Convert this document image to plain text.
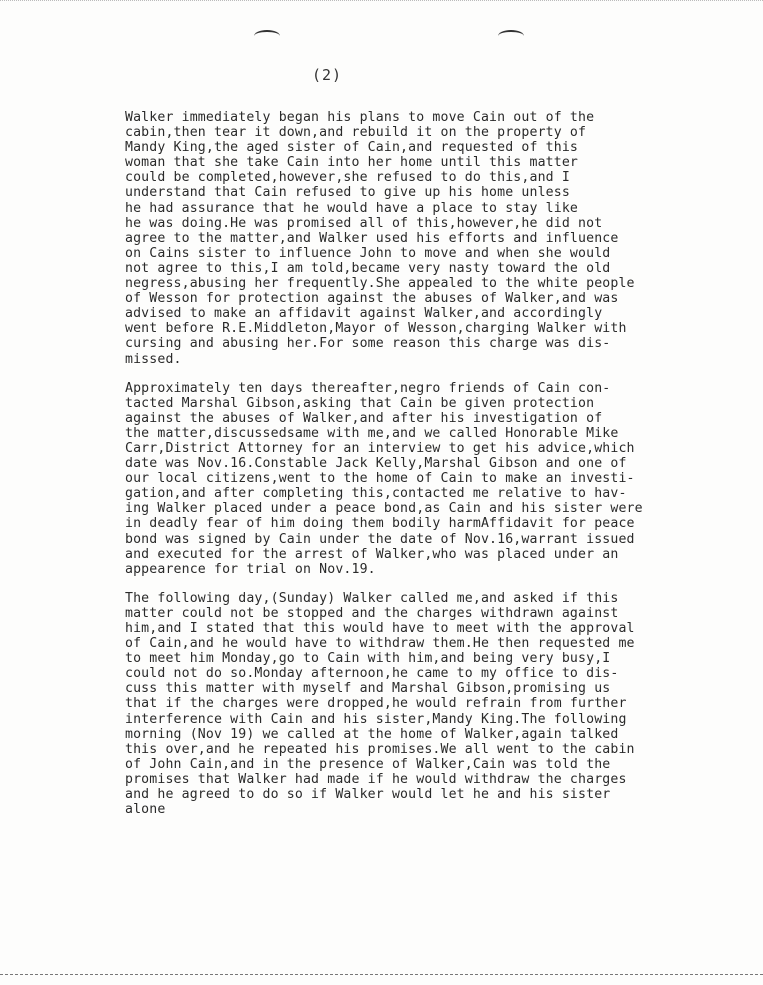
(2)
Walker immediately began his plans to move Cain out of the
cabin,then tear it down,and rebuild it on the property of
Mandy King,the aged sister of Cain,and requested of this
woman that she take Cain into her home until this matter
could be completed,however,she refused to do this,and I
understand that Cain refused to give up his home unless
he had assurance that he would have a place to stay like
he was doing.He was promised all of this,however,he did not
agree to the matter,and Walker used his efforts and influence
on Cains sister to influence John to move and when she would
not agree to this,I am told,became very nasty toward the old
negress,abusing her frequently.She appealed to the white people
of Wesson for protection against the abuses of Walker,and was
advised to make an affidavit against Walker,and accordingly
went before R.E.Middleton,Mayor of Wesson,charging Walker with
cursing and abusing her.For some reason this charge was dis-
missed.
Approximately ten days thereafter,negro friends of Cain con-
tacted Marshal Gibson,asking that Cain be given protection
against the abuses of Walker,and after his investigation of
the matter,discussedsame with me,and we called Honorable Mike
Carr,District Attorney for an interview to get his advice,which
date was Nov.16.Constable Jack Kelly,Marshal Gibson and one of
our local citizens,went to the home of Cain to make an investi-
gation,and after completing this,contacted me relative to hav-
ing Walker placed under a peace bond,as Cain and his sister were
in deadly fear of him doing them bodily harmAffidavit for peace
bond was signed by Cain under the date of Nov.16,warrant issued
and executed for the arrest of Walker,who was placed under an
appearence for trial on Nov.19.
The following day,(Sunday) Walker called me,and asked if this
matter could not be stopped and the charges withdrawn against
him,and I stated that this would have to meet with the approval
of Cain,and he would have to withdraw them.He then requested me
to meet him Monday,go to Cain with him,and being very busy,I
could not do so.Monday afternoon,he came to my office to dis-
cuss this matter with myself and Marshal Gibson,promising us
that if the charges were dropped,he would refrain from further
interference with Cain and his sister,Mandy King.The following
morning (Nov 19) we called at the home of Walker,again talked
this over,and he repeated his promises.We all went to the cabin
of John Cain,and in the presence of Walker,Cain was told the
promises that Walker had made if he would withdraw the charges
and he agreed to do so if Walker would let he and his sister
alone
